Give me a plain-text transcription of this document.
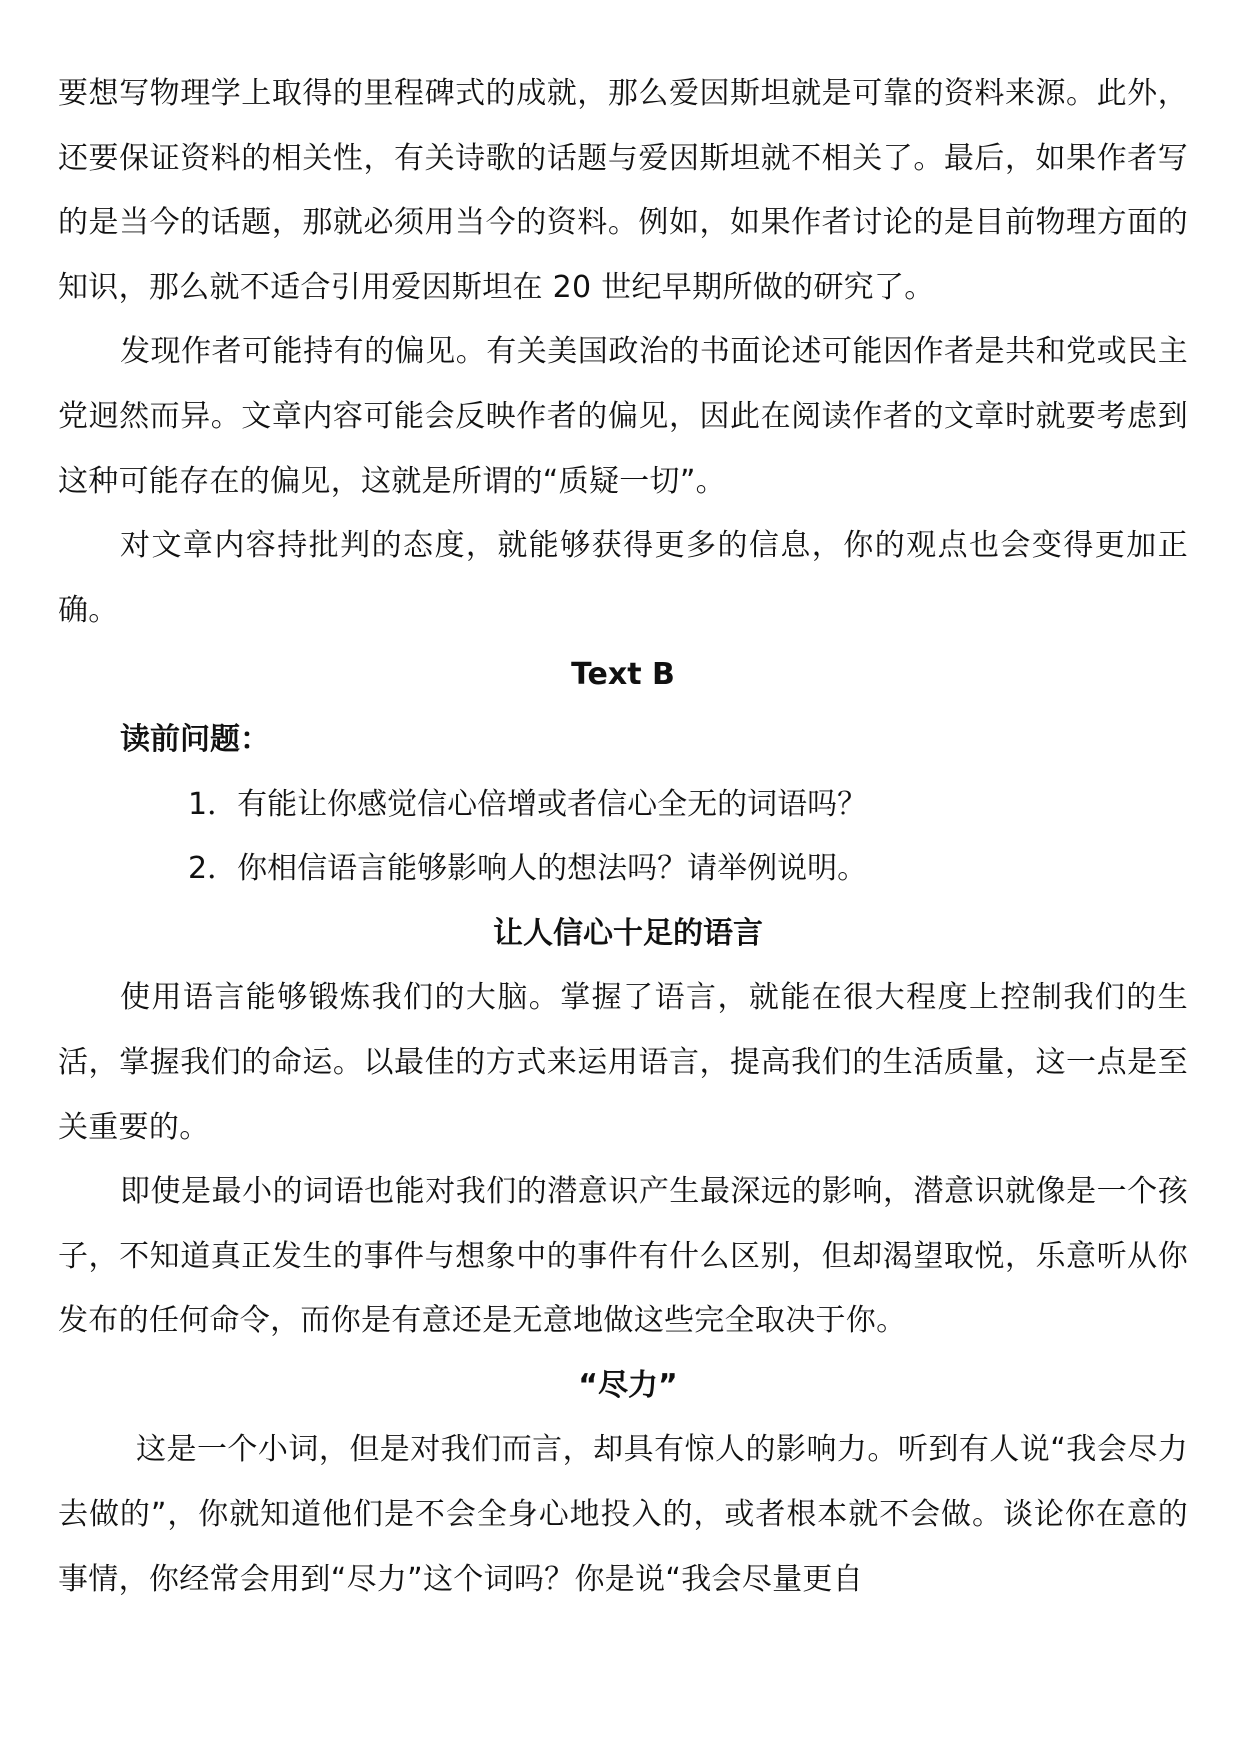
要想写物理学上取得的里程碑式的成就，那么爱因斯坦就是可靠的资料来源。此外，还要保证资料的相关性，有关诗歌的话题与爱因斯坦就不相关了。最后，如果作者写的是当今的话题，那就必须用当今的资料。例如，如果作者讨论的是目前物理方面的知识，那么就不适合引用爱因斯坦在 20 世纪早期所做的研究了。

发现作者可能持有的偏见。有关美国政治的书面论述可能因作者是共和党或民主党迥然而异。文章内容可能会反映作者的偏见，因此在阅读作者的文章时就要考虑到这种可能存在的偏见，这就是所谓的“质疑一切”。

对文章内容持批判的态度，就能够获得更多的信息，你的观点也会变得更加正确。

Text B

读前问题：

1．有能让你感觉信心倍增或者信心全无的词语吗？

2．你相信语言能够影响人的想法吗？请举例说明。

让人信心十足的语言

使用语言能够锻炼我们的大脑。掌握了语言，就能在很大程度上控制我们的生活，掌握我们的命运。以最佳的方式来运用语言，提高我们的生活质量，这一点是至关重要的。

即使是最小的词语也能对我们的潜意识产生最深远的影响，潜意识就像是一个孩子，不知道真正发生的事件与想象中的事件有什么区别，但却渴望取悦，乐意听从你发布的任何命令，而你是有意还是无意地做这些完全取决于你。

“尽力”

这是一个小词，但是对我们而言，却具有惊人的影响力。听到有人说“我会尽力去做的”，你就知道他们是不会全身心地投入的，或者根本就不会做。谈论你在意的事情，你经常会用到“尽力”这个词吗？你是说“我会尽量更自
